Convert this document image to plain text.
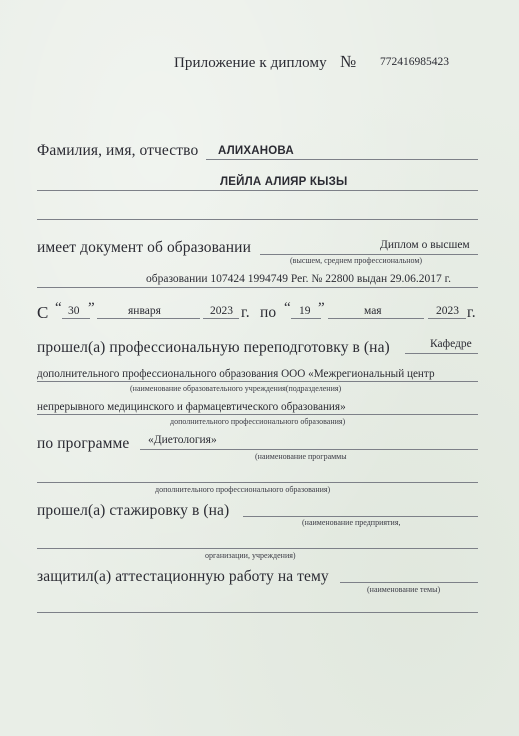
Приложение к диплому № 772416985423
Фамилия, имя, отчество АЛИХАНОВА
ЛЕЙЛА АЛИЯР КЫЗЫ
имеет документ об образовании	Диплом о высшем
(высшем, среднем профессиональном)
образовании 107424 1994749 Рег. № 22800 выдан 29.06.2017 г.
С “ 30 ”	января	2023 г. по “ 19 ”	мая	2023 г.
прошел(а) профессиональную переподготовку в (на)	Кафедре
дополнительного профессионального образования ООО «Межрегиональный центр
(наименование образовательного учреждения(подразделения)
непрерывного медицинского и фармацевтического образования»
дополнительного профессионального образования)
по программе «Диетология»
(наименование программы
дополнительного профессионального образования)
прошел(а) стажировку в (на)
(наименование предприятия,
организации, учреждения)
защитил(а) аттестационную работу на тему
(наименование темы)
